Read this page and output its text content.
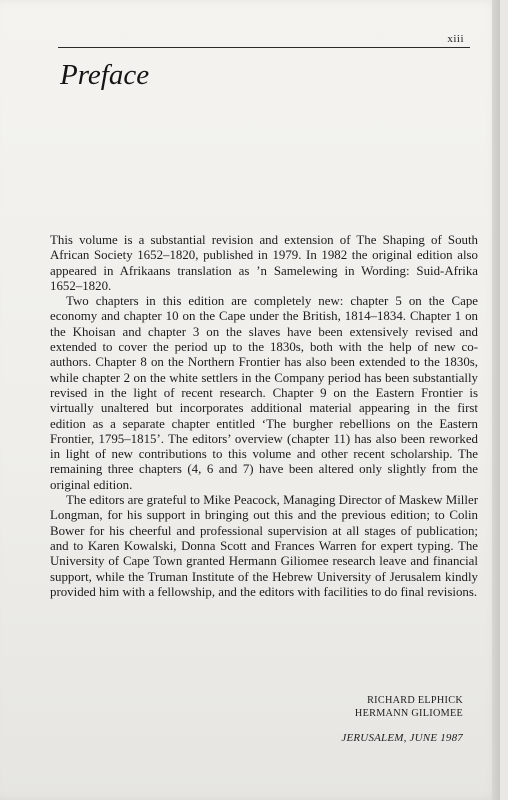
xiii
Preface

This volume is a substantial revision and extension of The Shaping of South African Society 1652–1820, published in 1979. In 1982 the original edition also appeared in Afrikaans translation as ’n Samelewing in Wording: Suid-Afrika 1652–1820.

Two chapters in this edition are completely new: chapter 5 on the Cape economy and chapter 10 on the Cape under the British, 1814–1834. Chapter 1 on the Khoisan and chapter 3 on the slaves have been extensively revised and extended to cover the period up to the 1830s, both with the help of new co-authors. Chapter 8 on the Northern Frontier has also been extended to the 1830s, while chapter 2 on the white settlers in the Company period has been substantially revised in the light of recent research. Chapter 9 on the Eastern Frontier is virtually unaltered but incorporates additional material appearing in the first edition as a separate chapter entitled ‘The burgher rebellions on the Eastern Frontier, 1795–1815’. The editors’ overview (chapter 11) has also been reworked in light of new contributions to this volume and other recent scholarship. The remaining three chapters (4, 6 and 7) have been altered only slightly from the original edition.

The editors are grateful to Mike Peacock, Managing Director of Maskew Miller Longman, for his support in bringing out this and the previous edition; to Colin Bower for his cheerful and professional supervision at all stages of publication; and to Karen Kowalski, Donna Scott and Frances Warren for expert typing. The University of Cape Town granted Hermann Giliomee research leave and financial support, while the Truman Institute of the Hebrew University of Jerusalem kindly provided him with a fellowship, and the editors with facilities to do final revisions.

RICHARD ELPHICK
HERMANN GILIOMEE
JERUSALEM, JUNE 1987
